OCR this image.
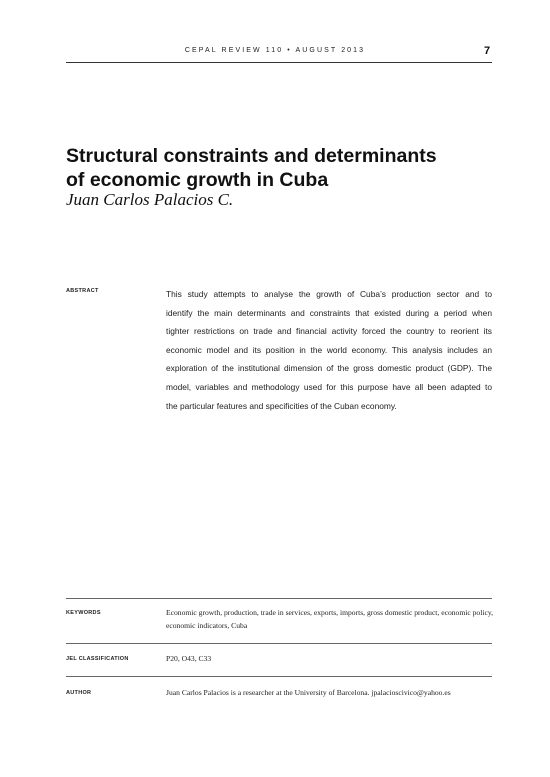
CEPAL REVIEW 110 • AUGUST 2013	7
Structural constraints and determinants
of economic growth in Cuba
Juan Carlos Palacios C.
ABSTRACT	This study attempts to analyse the growth of Cuba’s production sector and to
identify the main determinants and constraints that existed during a period when
tighter restrictions on trade and financial activity forced the country to reorient its
economic model and its position in the world economy. This analysis includes an
exploration of the institutional dimension of the gross domestic product (GDP). The
model, variables and methodology used for this purpose have all been adapted to
the particular features and specificities of the Cuban economy.
KEYWORDS	Economic growth, production, trade in services, exports, imports, gross domestic product, economic policy,
economic indicators, Cuba
JEL CLASSIFICATION	P20, O43, C33
AUTHOR	Juan Carlos Palacios is a researcher at the University of Barcelona. jpalacioscivico@yahoo.es
